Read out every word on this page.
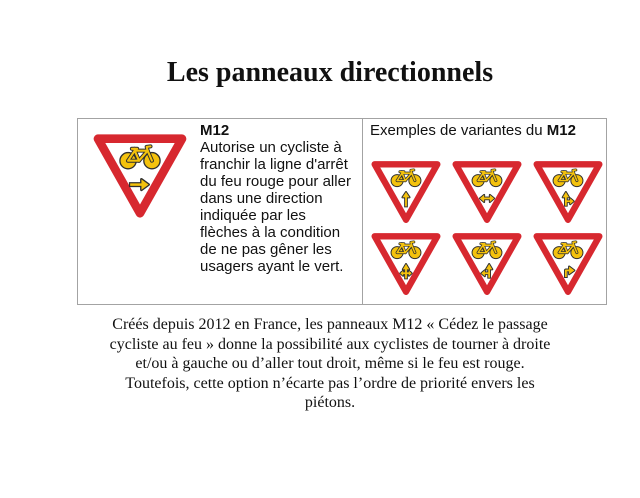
Les panneaux directionnels
M12
Autorise un cycliste à
franchir la ligne d'arrêt
du feu rouge pour aller
dans une direction
indiquée par les
flèches à la condition
de ne pas gêner les
usagers ayant le vert.
Exemples de variantes du M12
Créés depuis 2012 en France, les panneaux M12 « Cédez le passage
cycliste au feu » donne la possibilité aux cyclistes de tourner à droite
et/ou à gauche ou d’aller tout droit, même si le feu est rouge.
Toutefois, cette option n’écarte pas l’ordre de priorité envers les
piétons.
